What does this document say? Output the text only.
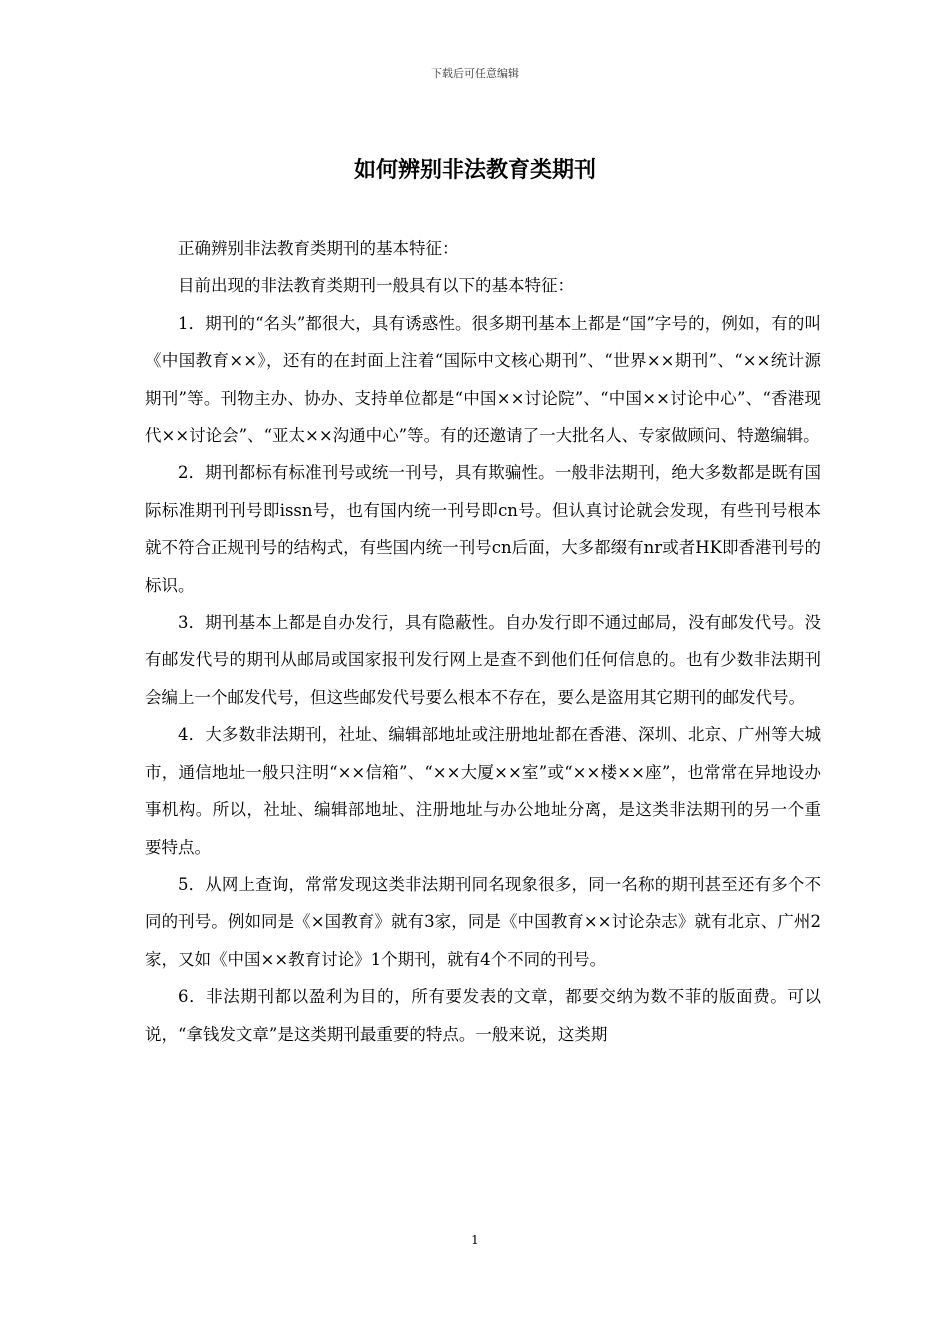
下载后可任意编辑
如何辨别非法教育类期刊

正确辨别非法教育类期刊的基本特征：

目前出现的非法教育类期刊一般具有以下的基本特征：

1．期刊的“名头”都很大，具有诱惑性。很多期刊基本上都是“国”字号的，例如，有的叫《中国教育××》，还有的在封面上注着“国际中文核心期刊”、“世界××期刊”、“××统计源期刊”等。刊物主办、协办、支持单位都是“中国××讨论院”、“中国××讨论中心”、“香港现代××讨论会”、“亚太××沟通中心”等。有的还邀请了一大批名人、专家做顾问、特邀编辑。

2．期刊都标有标准刊号或统一刊号，具有欺骗性。一般非法期刊，绝大多数都是既有国际标准期刊刊号即issn号，也有国内统一刊号即cn号。但认真讨论就会发现，有些刊号根本就不符合正规刊号的结构式，有些国内统一刊号cn后面，大多都缀有nr或者HK即香港刊号的标识。

3．期刊基本上都是自办发行，具有隐蔽性。自办发行即不通过邮局，没有邮发代号。没有邮发代号的期刊从邮局或国家报刊发行网上是查不到他们任何信息的。也有少数非法期刊会编上一个邮发代号，但这些邮发代号要么根本不存在，要么是盗用其它期刊的邮发代号。

4．大多数非法期刊，社址、编辑部地址或注册地址都在香港、深圳、北京、广州等大城市，通信地址一般只注明“××信箱”、“××大厦××室”或“××楼××座”，也常常在异地设办事机构。所以，社址、编辑部地址、注册地址与办公地址分离，是这类非法期刊的另一个重要特点。

5．从网上查询，常常发现这类非法期刊同名现象很多，同一名称的期刊甚至还有多个不同的刊号。例如同是《×国教育》就有3家，同是《中国教育××讨论杂志》就有北京、广州2家，又如《中国××教育讨论》1个期刊，就有4个不同的刊号。

6．非法期刊都以盈利为目的，所有要发表的文章，都要交纳为数不菲的版面费。可以说，“拿钱发文章”是这类期刊最重要的特点。一般来说，这类期

1
